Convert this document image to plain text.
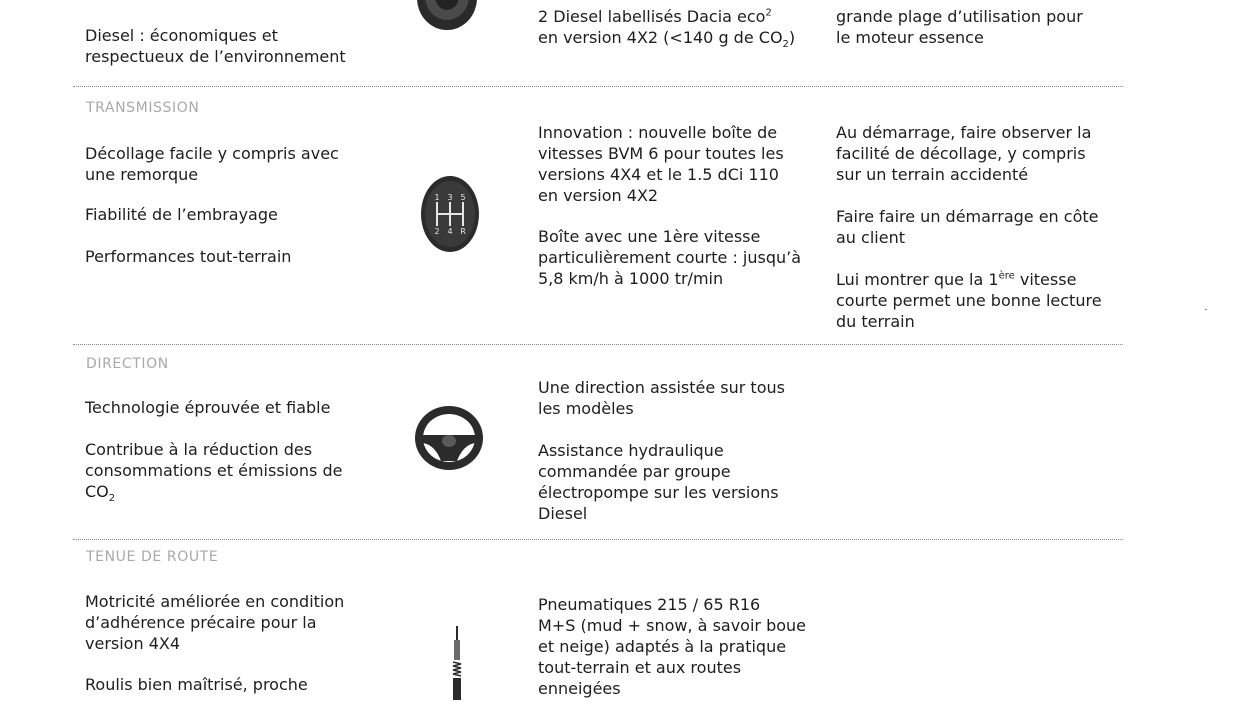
Diesel : économiques et

respectueux de l’environnement

2 Diesel labellisés Dacia eco$^2$

en version 4X2 (<140 g de $CO_2$)

grande plage d’utilisation pour

le moteur essence

TRANSMISSION

Décollage facile y compris avec

une remorque

Fiabilité de l’embrayage

Performances tout-terrain

1 3 5
2 4 R

Innovation : nouvelle boîte de

vitesses BVM 6 pour toutes les

versions 4X4 et le 1.5 dCi 110

en version 4X2

Boîte avec une 1ère vitesse

particulièrement courte : jusqu’à

5,8 km/h à 1000 tr/min

Au démarrage, faire observer la

facilité de décollage, y compris

sur un terrain accidenté

Faire faire un démarrage en côte

au client

Lui montrer que la 1ère vitesse

courte permet une bonne lecture

du terrain

DIRECTION

Technologie éprouvée et fiable

Contribue à la réduction des

consommations et émissions de

$CO_2$

Une direction assistée sur tous

les modèles

Assistance hydraulique

commandée par groupe

électropompe sur les versions

Diesel

TENUE DE ROUTE

Motricité améliorée en condition

d’adhérence précaire pour la

version 4X4

Roulis bien maîtrisé, proche

Pneumatiques 215 / 65 R16

M+S (mud + snow, à savoir boue

et neige) adaptés à la pratique

tout-terrain et aux routes

enneigées
